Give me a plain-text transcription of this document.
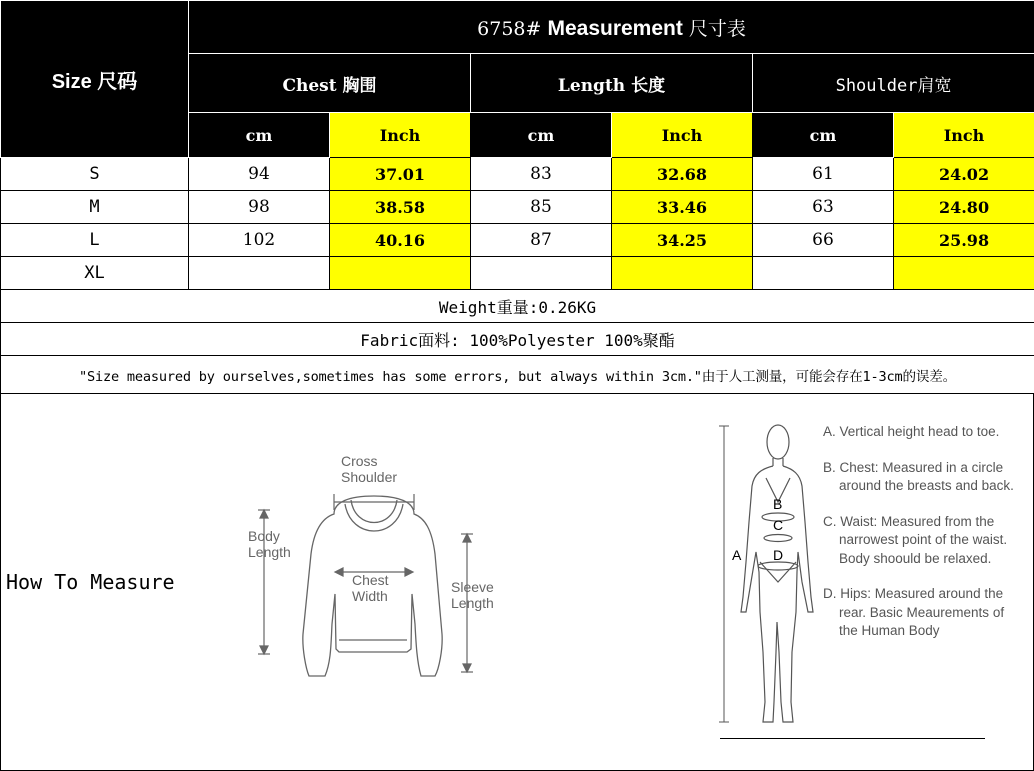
Size 尺码	6758# Measurement 尺寸表					
	Chest 胸围		Length 长度		Shoulder肩宽	
	cm	Inch	cm	Inch	cm	Inch
S	94	37.01	83	32.68	61	24.02
M	98	38.58	85	33.46	63	24.80
L	102	40.16	87	34.25	66	25.98
XL						
Weight重量:0.26KG						
Fabric面料: 100%Polyester 100%聚酯						
"Size measured by ourselves,sometimes has some errors, but always within 3cm."由于人工测量，可能会存在1-3cm的误差。						
How To Measure
Cross
Shoulder
Body
Length
Chest
Width
Sleeve
Length
A
B
C
D

A. Vertical height head to toe.

B. Chest: Measured in a circle around the breasts and back.

C. Waist: Measured from the narrowest point of the waist. Body shoould be relaxed.

D. Hips: Measured around the rear. Basic Meaurements of the Human Body
